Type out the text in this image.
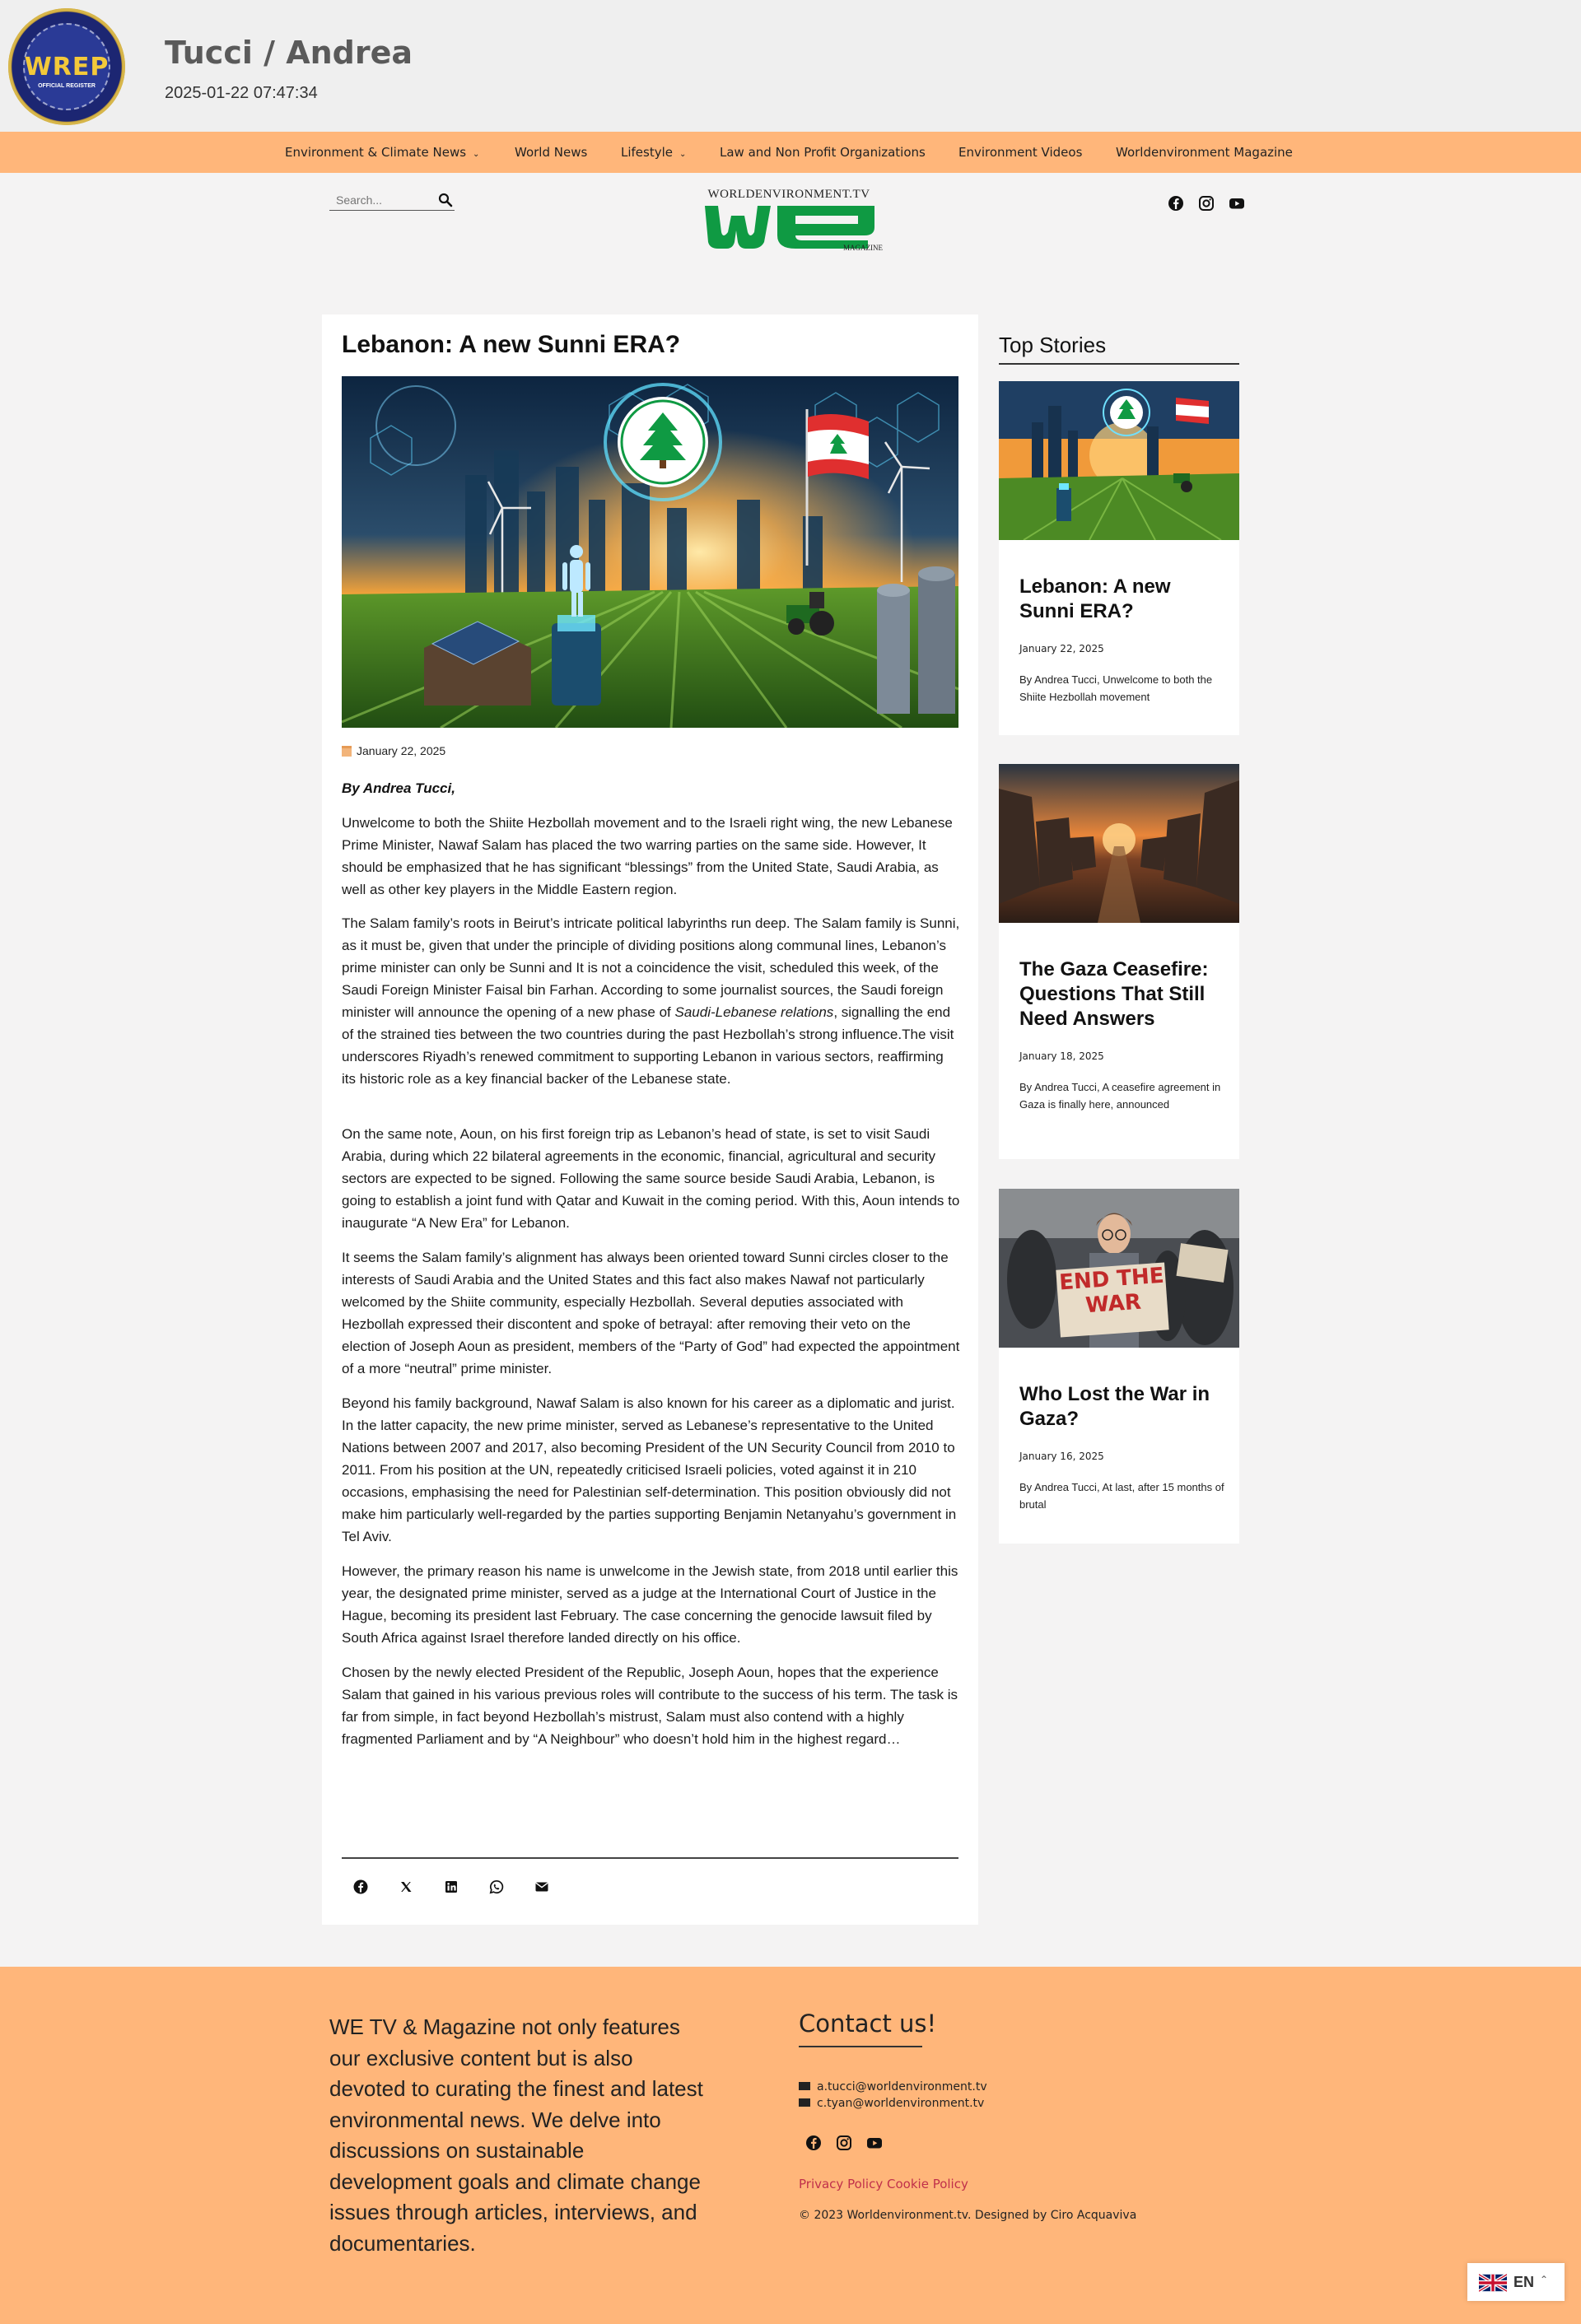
WREP
OFFICIAL REGISTER
Tucci / Andrea
2025-01-22 07:47:34
Environment & Climate News ⌄	World News	Lifestyle ⌄	Law and Non Profit Organizations	Environment Videos	Worldenvironment Magazine
Search...
WORLDENVIRONMENT.TV
MAGAZINE
Lebanon: A new Sunni ERA?
January 22, 2025
By Andrea Tucci,

Unwelcome to both the Shiite Hezbollah movement and to the Israeli right wing, the new Lebanese Prime Minister, Nawaf Salam has placed the two warring parties on the same side. However, It should be emphasized that he has significant “blessings” from the United State, Saudi Arabia, as well as other key players in the Middle Eastern region.

The Salam family’s roots in Beirut’s intricate political labyrinths run deep. The Salam family is Sunni, as it must be, given that under the principle of dividing positions along communal lines, Lebanon’s prime minister can only be Sunni and It is not a coincidence the visit, scheduled this week, of the Saudi Foreign Minister Faisal bin Farhan. According to some journalist sources, the Saudi foreign minister will announce the opening of a new phase of Saudi-Lebanese relations, signalling the end of the strained ties between the two countries during the past Hezbollah’s strong influence.The visit underscores Riyadh’s renewed commitment to supporting Lebanon in various sectors, reaffirming its historic role as a key financial backer of the Lebanese state.

On the same note, Aoun, on his first foreign trip as Lebanon’s head of state, is set to visit Saudi Arabia, during which 22 bilateral agreements in the economic, financial, agricultural and security sectors are expected to be signed. Following the same source beside Saudi Arabia, Lebanon, is going to establish a joint fund with Qatar and Kuwait in the coming period. With this, Aoun intends to inaugurate “A New Era” for Lebanon.

It seems the Salam family’s alignment has always been oriented toward Sunni circles closer to the interests of Saudi Arabia and the United States and this fact also makes Nawaf not particularly welcomed by the Shiite community, especially Hezbollah. Several deputies associated with Hezbollah expressed their discontent and spoke of betrayal: after removing their veto on the election of Joseph Aoun as president, members of the “Party of God” had expected the appointment of a more “neutral” prime minister.

Beyond his family background, Nawaf Salam is also known for his career as a diplomatic and jurist. In the latter capacity, the new prime minister, served as Lebanese’s representative to the United Nations between 2007 and 2017, also becoming President of the UN Security Council from 2010 to 2011. From his position at the UN, repeatedly criticised Israeli policies, voted against it in 210 occasions, emphasising the need for Palestinian self-determination. This position obviously did not make him particularly well-regarded by the parties supporting Benjamin Netanyahu’s government in Tel Aviv.

However, the primary reason his name is unwelcome in the Jewish state, from 2018 until earlier this year, the designated prime minister, served as a judge at the International Court of Justice in the Hague, becoming its president last February. The case concerning the genocide lawsuit filed by South Africa against Israel therefore landed directly on his office.

Chosen by the newly elected President of the Republic, Joseph Aoun, hopes that the experience Salam that gained in his various previous roles will contribute to the success of his term. The task is far from simple, in fact beyond Hezbollah’s mistrust, Salam must also contend with a highly fragmented Parliament and by “A Neighbour” who doesn’t hold him in the highest regard…

Top Stories
Lebanon: A new Sunni ERA?
January 22, 2025
By Andrea Tucci, Unwelcome to both the Shiite Hezbollah movement
The Gaza Ceasefire: Questions That Still Need Answers
January 18, 2025
By Andrea Tucci, A ceasefire agreement in Gaza is finally here, announced
END THE WAR
Who Lost the War in Gaza?
January 16, 2025
By Andrea Tucci, At last, after 15 months of brutal
WE TV & Magazine not only features our exclusive content but is also devoted to curating the finest and latest environmental news. We delve into discussions on sustainable development goals and climate change issues through articles, interviews, and documentaries.
Contact us!
a.tucci@worldenvironment.tv
c.tyan@worldenvironment.tv
Privacy Policy Cookie Policy
© 2023 Worldenvironment.tv. Designed by Ciro Acquaviva
EN ⌃
